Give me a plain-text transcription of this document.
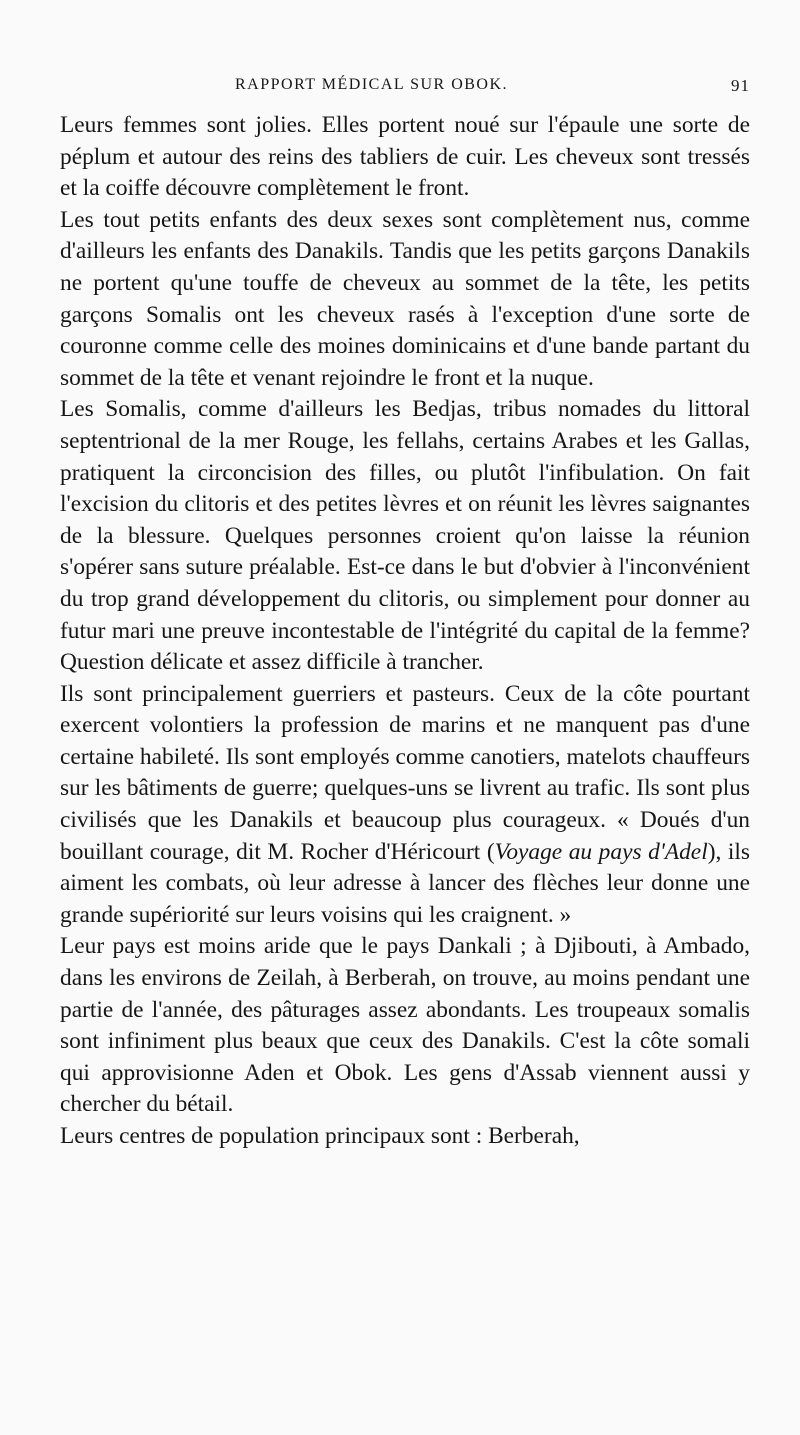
RAPPORT MÉDICAL SUR OBOK.	91

Leurs femmes sont jolies. Elles portent noué sur l'épaule une sorte de péplum et autour des reins des tabliers de cuir. Les cheveux sont tressés et la coiffe découvre complètement le front.

Les tout petits enfants des deux sexes sont complètement nus, comme d'ailleurs les enfants des Danakils. Tandis que les petits garçons Danakils ne portent qu'une touffe de cheveux au sommet de la tête, les petits garçons Somalis ont les cheveux rasés à l'exception d'une sorte de couronne comme celle des moines dominicains et d'une bande partant du sommet de la tête et venant rejoindre le front et la nuque.

Les Somalis, comme d'ailleurs les Bedjas, tribus nomades du littoral septentrional de la mer Rouge, les fellahs, certains Arabes et les Gallas, pratiquent la circoncision des filles, ou plutôt l'infibulation. On fait l'excision du clitoris et des petites lèvres et on réunit les lèvres saignantes de la blessure. Quelques personnes croient qu'on laisse la réunion s'opérer sans suture préalable. Est-ce dans le but d'obvier à l'inconvénient du trop grand développement du clitoris, ou simplement pour donner au futur mari une preuve incontestable de l'intégrité du capital de la femme? Question délicate et assez difficile à trancher.

Ils sont principalement guerriers et pasteurs. Ceux de la côte pourtant exercent volontiers la profession de marins et ne manquent pas d'une certaine habileté. Ils sont employés comme canotiers, matelots chauffeurs sur les bâtiments de guerre; quelques-uns se livrent au trafic. Ils sont plus civilisés que les Danakils et beaucoup plus courageux. « Doués d'un bouillant courage, dit M. Rocher d'Héricourt (Voyage au pays d'Adel), ils aiment les combats, où leur adresse à lancer des flèches leur donne une grande supériorité sur leurs voisins qui les craignent. »

Leur pays est moins aride que le pays Dankali ; à Djibouti, à Ambado, dans les environs de Zeilah, à Berberah, on trouve, au moins pendant une partie de l'année, des pâturages assez abondants. Les troupeaux somalis sont infiniment plus beaux que ceux des Danakils. C'est la côte somali qui approvisionne Aden et Obok. Les gens d'Assab viennent aussi y chercher du bétail.

Leurs centres de population principaux sont : Berberah,
